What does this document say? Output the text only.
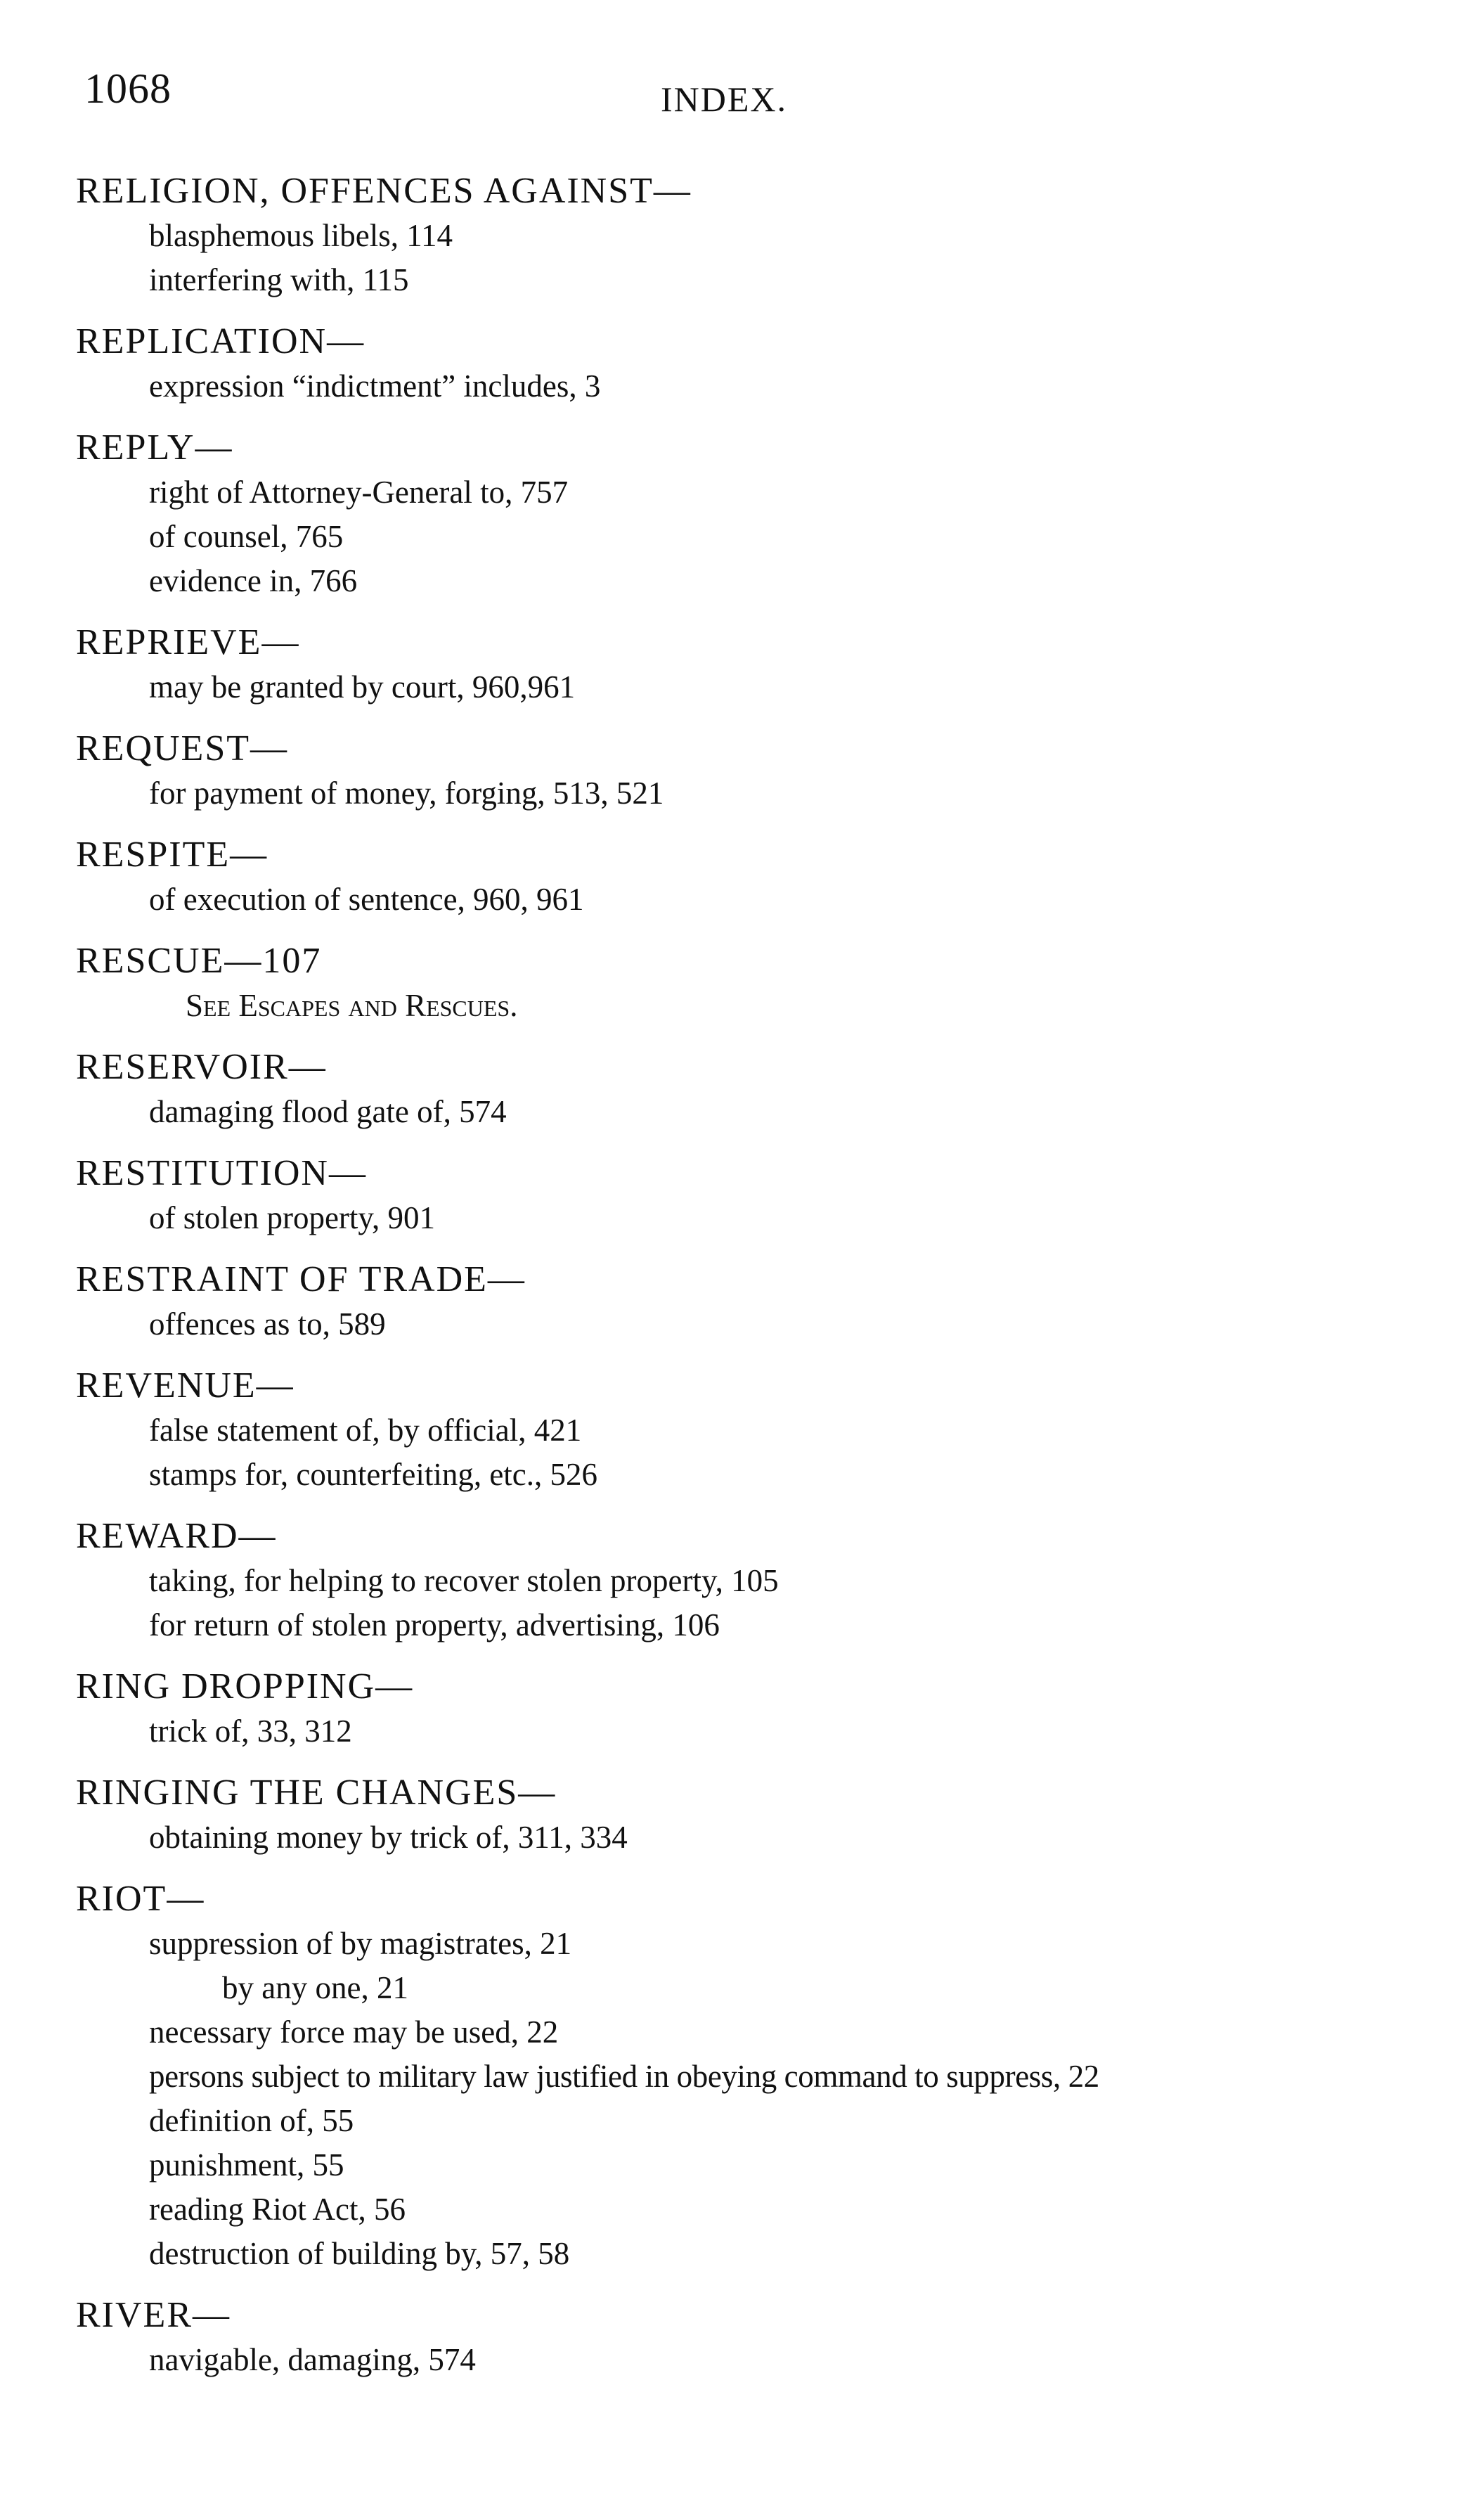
1068	INDEX.
RELIGION, OFFENCES AGAINST—
blasphemous libels, 114
interfering with, 115
REPLICATION—
expression “indictment” includes, 3
REPLY—
right of Attorney-General to, 757
of counsel, 765
evidence in, 766
REPRIEVE—
may be granted by court, 960,961
REQUEST—
for payment of money, forging, 513, 521
RESPITE—
of execution of sentence, 960, 961
RESCUE—107
See Escapes and Rescues.
RESERVOIR—
damaging flood gate of, 574
RESTITUTION—
of stolen property, 901
RESTRAINT OF TRADE—
offences as to, 589
REVENUE—
false statement of, by official, 421
stamps for, counterfeiting, etc., 526
REWARD—
taking, for helping to recover stolen property, 105
for return of stolen property, advertising, 106
RING DROPPING—
trick of, 33, 312
RINGING THE CHANGES—
obtaining money by trick of, 311, 334
RIOT—
suppression of by magistrates, 21
by any one, 21
necessary force may be used, 22
persons subject to military law justified in obeying command to suppress, 22
definition of, 55
punishment, 55
reading Riot Act, 56
destruction of building by, 57, 58
RIVER—
navigable, damaging, 574
